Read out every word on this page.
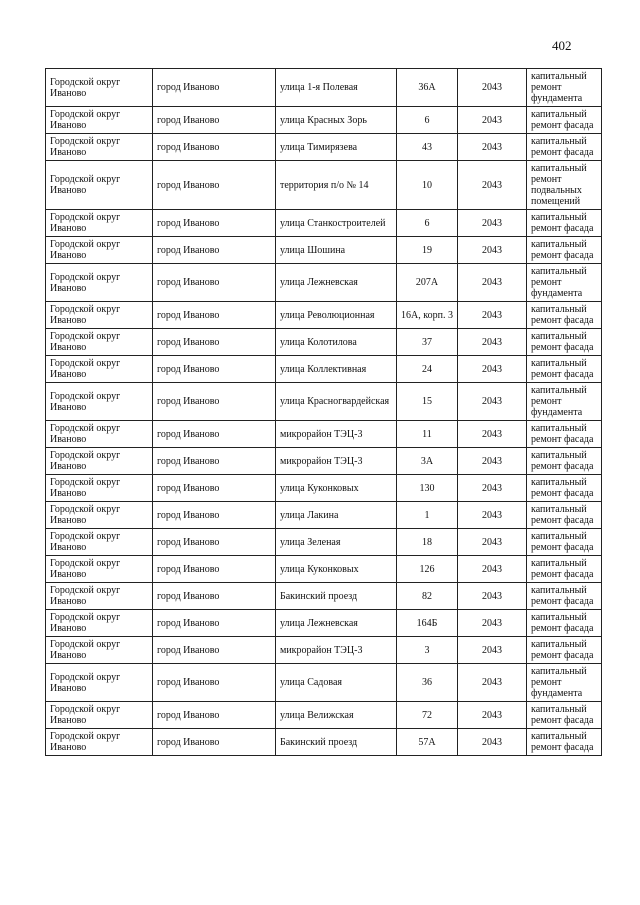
402
Городской округ Иваново	город Иваново	улица 1-я Полевая	36А	2043	капитальный ремонт фундамента
Городской округ Иваново	город Иваново	улица Красных Зорь	6	2043	капитальный ремонт фасада
Городской округ Иваново	город Иваново	улица Тимирязева	43	2043	капитальный ремонт фасада
Городской округ Иваново	город Иваново	территория п/о № 14	10	2043	капитальный ремонт подвальных помещений
Городской округ Иваново	город Иваново	улица Станкостроителей	6	2043	капитальный ремонт фасада
Городской округ Иваново	город Иваново	улица Шошина	19	2043	капитальный ремонт фасада
Городской округ Иваново	город Иваново	улица Лежневская	207А	2043	капитальный ремонт фундамента
Городской округ Иваново	город Иваново	улица Революционная	16А, корп. 3	2043	капитальный ремонт фасада
Городской округ Иваново	город Иваново	улица Колотилова	37	2043	капитальный ремонт фасада
Городской округ Иваново	город Иваново	улица Коллективная	24	2043	капитальный ремонт фасада
Городской округ Иваново	город Иваново	улица Красногвардейская	15	2043	капитальный ремонт фундамента
Городской округ Иваново	город Иваново	микрорайон ТЭЦ-3	11	2043	капитальный ремонт фасада
Городской округ Иваново	город Иваново	микрорайон ТЭЦ-3	3А	2043	капитальный ремонт фасада
Городской округ Иваново	город Иваново	улица Куконковых	130	2043	капитальный ремонт фасада
Городской округ Иваново	город Иваново	улица Лакина	1	2043	капитальный ремонт фасада
Городской округ Иваново	город Иваново	улица Зеленая	18	2043	капитальный ремонт фасада
Городской округ Иваново	город Иваново	улица Куконковых	126	2043	капитальный ремонт фасада
Городской округ Иваново	город Иваново	Бакинский проезд	82	2043	капитальный ремонт фасада
Городской округ Иваново	город Иваново	улица Лежневская	164Б	2043	капитальный ремонт фасада
Городской округ Иваново	город Иваново	микрорайон ТЭЦ-3	3	2043	капитальный ремонт фасада
Городской округ Иваново	город Иваново	улица Садовая	36	2043	капитальный ремонт фундамента
Городской округ Иваново	город Иваново	улица Велижская	72	2043	капитальный ремонт фасада
Городской округ Иваново	город Иваново	Бакинский проезд	57А	2043	капитальный ремонт фасада
